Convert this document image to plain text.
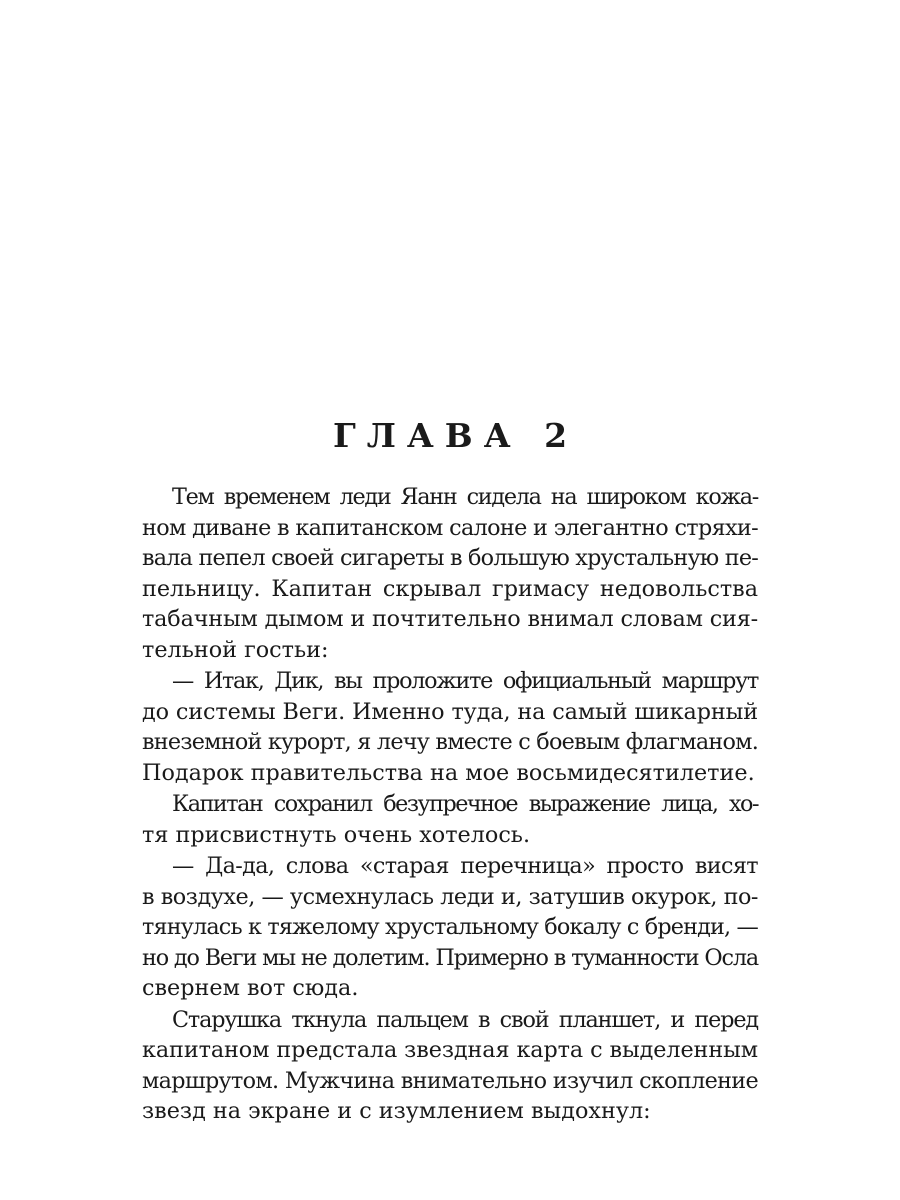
ГЛАВА 2
Тем временем леди Яанн сидела на широком кожа-
ном диване в капитанском салоне и элегантно стряхи-
вала пепел своей сигареты в большую хрустальную пе-
пельницу. Капитан скрывал гримасу недовольства
табачным дымом и почтительно внимал словам сия-
тельной гостьи:
— Итак, Дик, вы проложите официальный маршрут
до системы Веги. Именно туда, на самый шикарный
внеземной курорт, я лечу вместе с боевым флагманом.
Подарок правительства на мое восьмидесятилетие.
Капитан сохранил безупречное выражение лица, хо-
тя присвистнуть очень хотелось.
— Да-да, слова «старая перечница» просто висят
в воздухе, — усмехнулась леди и, затушив окурок, по-
тянулась к тяжелому хрустальному бокалу с бренди, —
но до Веги мы не долетим. Примерно в туманности Осла
свернем вот сюда.
Старушка ткнула пальцем в свой планшет, и перед
капитаном предстала звездная карта с выделенным
маршрутом. Мужчина внимательно изучил скопление
звезд на экране и с изумлением выдохнул:
